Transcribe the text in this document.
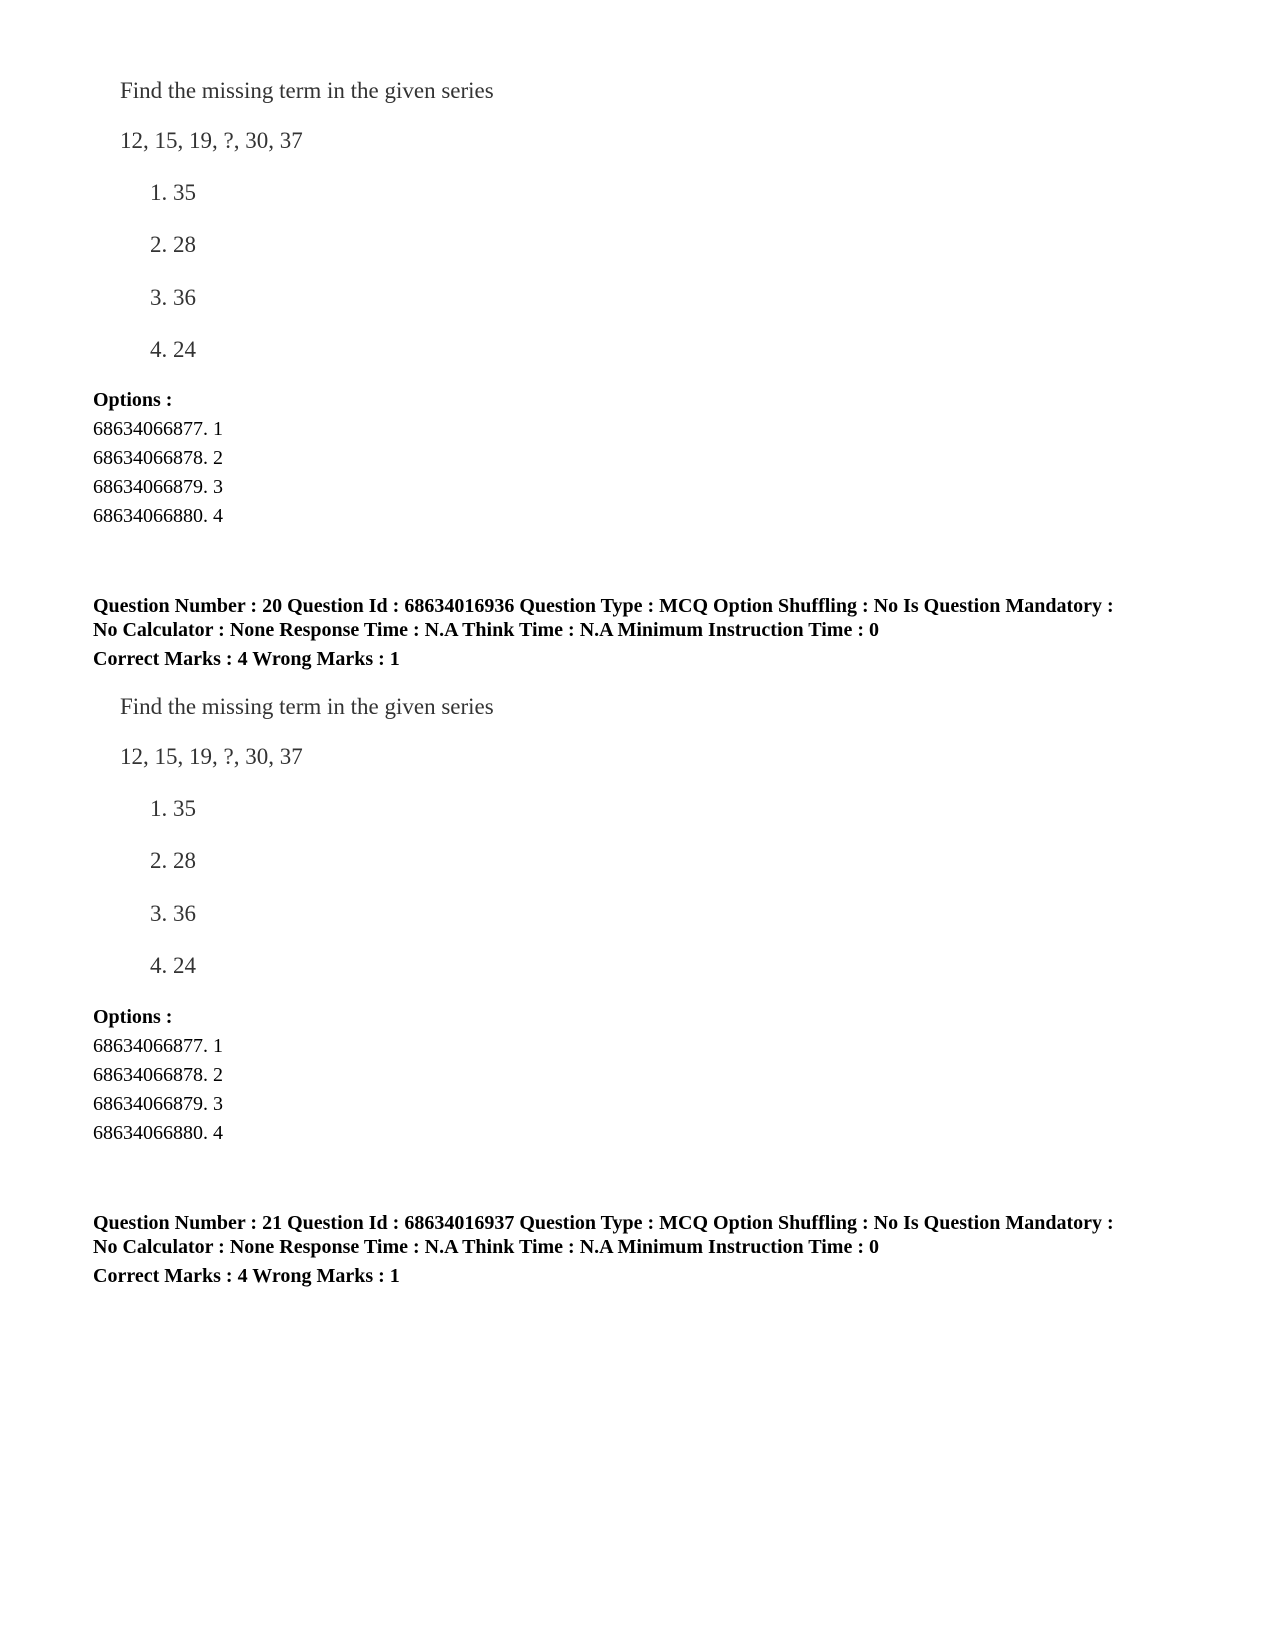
Find the missing term in the given series
12, 15, 19, ?, 30, 37
1. 35
2. 28
3. 36
4. 24
Options :
68634066877. 1
68634066878. 2
68634066879. 3
68634066880. 4
Question Number : 20 Question Id : 68634016936 Question Type : MCQ Option Shuffling : No Is Question Mandatory :
No Calculator : None Response Time : N.A Think Time : N.A Minimum Instruction Time : 0
Correct Marks : 4 Wrong Marks : 1
Find the missing term in the given series
12, 15, 19, ?, 30, 37
1. 35
2. 28
3. 36
4. 24
Options :
68634066877. 1
68634066878. 2
68634066879. 3
68634066880. 4
Question Number : 21 Question Id : 68634016937 Question Type : MCQ Option Shuffling : No Is Question Mandatory :
No Calculator : None Response Time : N.A Think Time : N.A Minimum Instruction Time : 0
Correct Marks : 4 Wrong Marks : 1
